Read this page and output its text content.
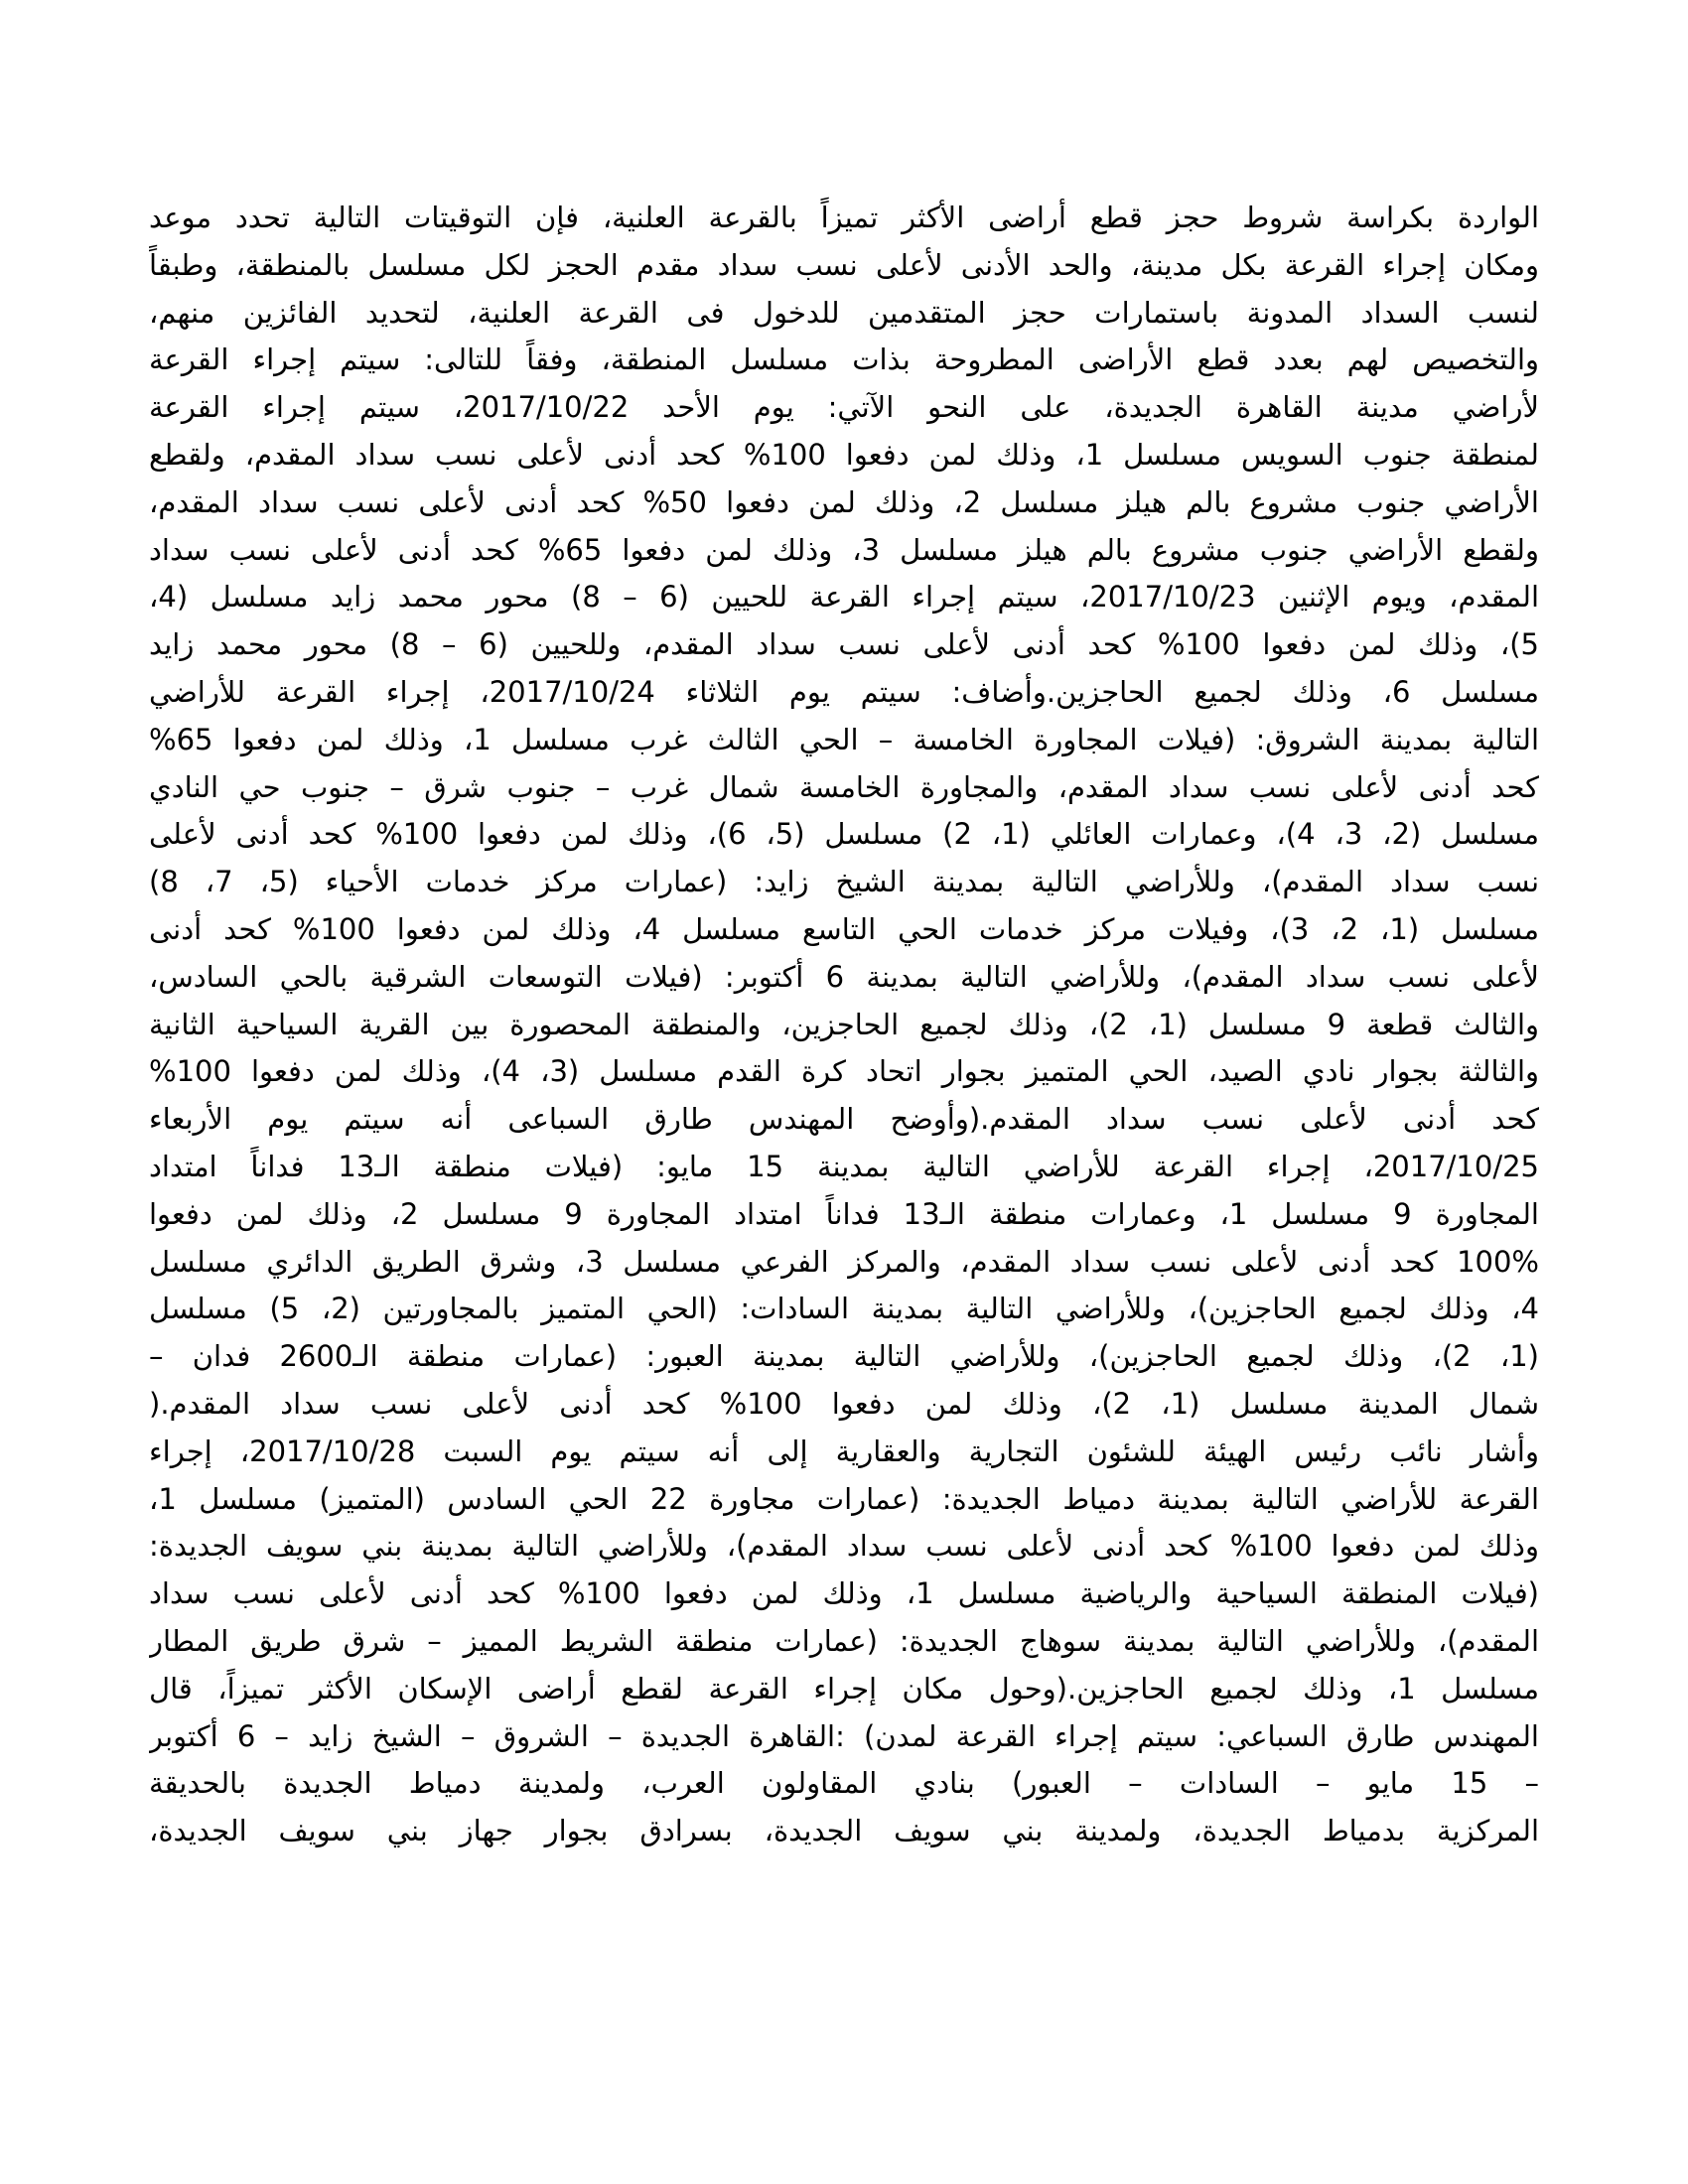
الواردة بكراسة شروط حجز قطع أراضى الأكثر تميزاً بالقرعة العلنية، فإن التوقيتات التالية تحدد موعد
ومكان إجراء القرعة بكل مدينة، والحد الأدنى لأعلى نسب سداد مقدم الحجز لكل مسلسل بالمنطقة، وطبقاً
لنسب السداد المدونة باستمارات حجز المتقدمين للدخول فى القرعة العلنية، لتحديد الفائزين منهم،
والتخصيص لهم بعدد قطع الأراضى المطروحة بذات مسلسل المنطقة، وفقاً للتالى: سيتم إجراء القرعة
لأراضي مدينة القاهرة الجديدة، على النحو الآتي: يوم الأحد 2017/10/22، سيتم إجراء القرعة
لمنطقة جنوب السويس مسلسل 1، وذلك لمن دفعوا 100% كحد أدنى لأعلى نسب سداد المقدم، ولقطع
الأراضي جنوب مشروع بالم هيلز مسلسل 2، وذلك لمن دفعوا 50% كحد أدنى لأعلى نسب سداد المقدم،
ولقطع الأراضي جنوب مشروع بالم هيلز مسلسل 3، وذلك لمن دفعوا 65% كحد أدنى لأعلى نسب سداد
المقدم، ويوم الإثنين 2017/10/23، سيتم إجراء القرعة للحيين (6 – 8) محور محمد زايد مسلسل (4،
5)، وذلك لمن دفعوا 100% كحد أدنى لأعلى نسب سداد المقدم، وللحيين (6 – 8) محور محمد زايد
مسلسل 6، وذلك لجميع الحاجزين.وأضاف: سيتم يوم الثلاثاء 2017/10/24، إجراء القرعة للأراضي
التالية بمدينة الشروق: (فيلات المجاورة الخامسة – الحي الثالث غرب مسلسل 1، وذلك لمن دفعوا 65%
كحد أدنى لأعلى نسب سداد المقدم، والمجاورة الخامسة شمال غرب – جنوب شرق – جنوب حي النادي
مسلسل (2، 3، 4)، وعمارات العائلي (1، 2) مسلسل (5، 6)، وذلك لمن دفعوا 100% كحد أدنى لأعلى
نسب سداد المقدم)، وللأراضي التالية بمدينة الشيخ زايد: (عمارات مركز خدمات الأحياء (5، 7، 8)
مسلسل (1، 2، 3)، وفيلات مركز خدمات الحي التاسع مسلسل 4، وذلك لمن دفعوا 100% كحد أدنى
لأعلى نسب سداد المقدم)، وللأراضي التالية بمدينة 6 أكتوبر: (فيلات التوسعات الشرقية بالحي السادس،
والثالث قطعة 9 مسلسل (1، 2)، وذلك لجميع الحاجزين، والمنطقة المحصورة بين القرية السياحية الثانية
والثالثة بجوار نادي الصيد، الحي المتميز بجوار اتحاد كرة القدم مسلسل (3، 4)، وذلك لمن دفعوا 100%
كحد أدنى لأعلى نسب سداد المقدم.(وأوضح المهندس طارق السباعى أنه سيتم يوم الأربعاء
2017/10/25، إجراء القرعة للأراضي التالية بمدينة 15 مايو: (فيلات منطقة الـ13 فداناً امتداد
المجاورة 9 مسلسل 1، وعمارات منطقة الـ13 فداناً امتداد المجاورة 9 مسلسل 2، وذلك لمن دفعوا
100% كحد أدنى لأعلى نسب سداد المقدم، والمركز الفرعي مسلسل 3، وشرق الطريق الدائري مسلسل
4، وذلك لجميع الحاجزين)، وللأراضي التالية بمدينة السادات: (الحي المتميز بالمجاورتين (2، 5) مسلسل
(1، 2)، وذلك لجميع الحاجزين)، وللأراضي التالية بمدينة العبور: (عمارات منطقة الـ2600 فدان –
شمال المدينة مسلسل (1، 2)، وذلك لمن دفعوا 100% كحد أدنى لأعلى نسب سداد المقدم.(
وأشار نائب رئيس الهيئة للشئون التجارية والعقارية إلى أنه سيتم يوم السبت 2017/10/28، إجراء
القرعة للأراضي التالية بمدينة دمياط الجديدة: (عمارات مجاورة 22 الحي السادس (المتميز) مسلسل 1،
وذلك لمن دفعوا 100% كحد أدنى لأعلى نسب سداد المقدم)، وللأراضي التالية بمدينة بني سويف الجديدة:
(فيلات المنطقة السياحية والرياضية مسلسل 1، وذلك لمن دفعوا 100% كحد أدنى لأعلى نسب سداد
المقدم)، وللأراضي التالية بمدينة سوهاج الجديدة: (عمارات منطقة الشريط المميز – شرق طريق المطار
مسلسل 1، وذلك لجميع الحاجزين.(وحول مكان إجراء القرعة لقطع أراضى الإسكان الأكثر تميزاً، قال
المهندس طارق السباعي: سيتم إجراء القرعة لمدن) :القاهرة الجديدة – الشروق – الشيخ زايد – 6 أكتوبر
– 15 مايو – السادات – العبور) بنادي المقاولون العرب، ولمدينة دمياط الجديدة بالحديقة
المركزية بدمياط الجديدة، ولمدينة بني سويف الجديدة، بسرادق بجوار جهاز بني سويف الجديدة،
